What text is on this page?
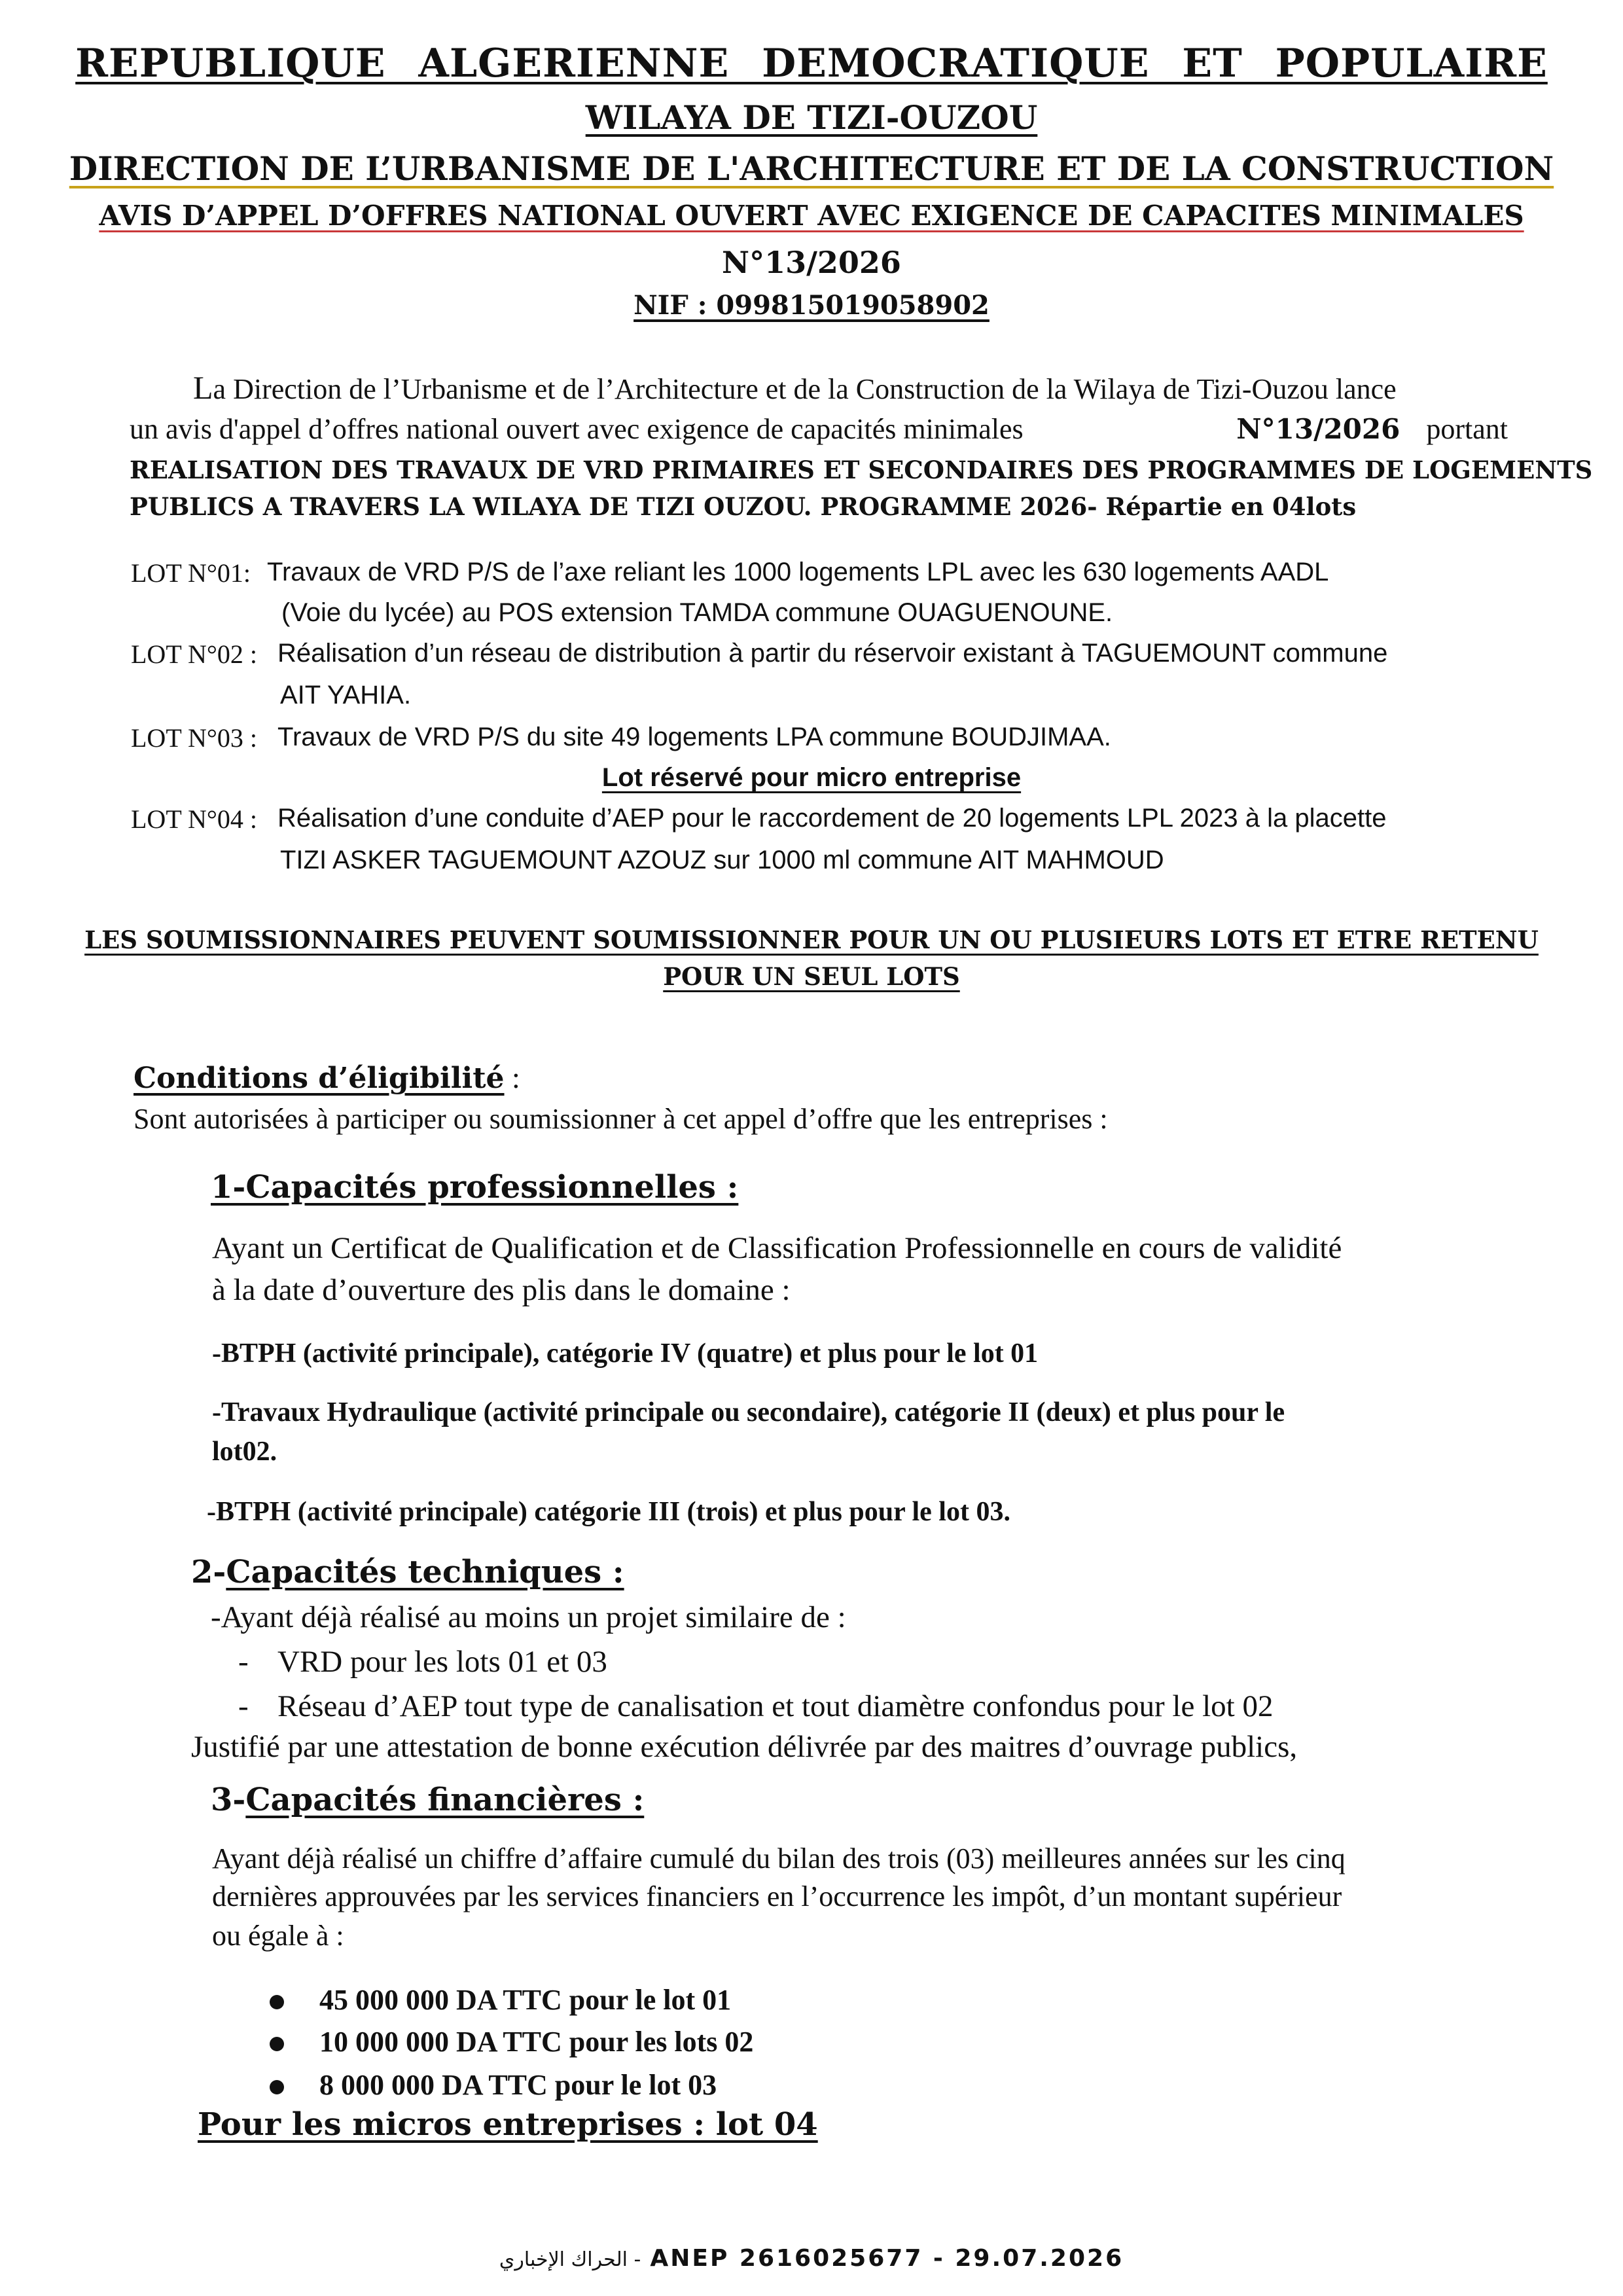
REPUBLIQUE ALGERIENNE DEMOCRATIQUE ET POPULAIRE
WILAYA DE TIZI-OUZOU
DIRECTION DE L’URBANISME DE L'ARCHITECTURE ET DE LA CONSTRUCTION
AVIS D’APPEL D’OFFRES NATIONAL OUVERT AVEC EXIGENCE DE CAPACITES MINIMALES
N°13/2026
NIF : 099815019058902
La Direction de l’Urbanisme et de l’Architecture et de la Construction de la Wilaya de Tizi-Ouzou lance
un avis d'appel d’offres national ouvert avec exigence de capacités minimales	N°13/2026 portant
REALISATION DES TRAVAUX DE VRD PRIMAIRES ET SECONDAIRES DES PROGRAMMES DE LOGEMENTS
PUBLICS A TRAVERS LA WILAYA DE TIZI OUZOU. PROGRAMME 2026- Répartie en 04lots
LOT N°01: Travaux de VRD P/S de l’axe reliant les 1000 logements LPL avec les 630 logements AADL
(Voie du lycée) au POS extension TAMDA commune OUAGUENOUNE.
LOT N°02 : Réalisation d’un réseau de distribution à partir du réservoir existant à TAGUEMOUNT commune
AIT YAHIA.
LOT N°03 : Travaux de VRD P/S du site 49 logements LPA commune BOUDJIMAA.
Lot réservé pour micro entreprise
LOT N°04 : Réalisation d’une conduite d’AEP pour le raccordement de 20 logements LPL 2023 à la placette
TIZI ASKER TAGUEMOUNT AZOUZ sur 1000 ml commune AIT MAHMOUD
LES SOUMISSIONNAIRES PEUVENT SOUMISSIONNER POUR UN OU PLUSIEURS LOTS ET ETRE RETENU
POUR UN SEUL LOTS
Conditions d’éligibilité :
Sont autorisées à participer ou soumissionner à cet appel d’offre que les entreprises :
1-Capacités professionnelles :
Ayant un Certificat de Qualification et de Classification Professionnelle en cours de validité
à la date d’ouverture des plis dans le domaine :
-BTPH (activité principale), catégorie IV (quatre) et plus pour le lot 01
-Travaux Hydraulique (activité principale ou secondaire), catégorie II (deux) et plus pour le
lot02.
-BTPH (activité principale) catégorie III (trois) et plus pour le lot 03.
2-Capacités techniques :
-Ayant déjà réalisé au moins un projet similaire de :
- VRD pour les lots 01 et 03
- Réseau d’AEP tout type de canalisation et tout diamètre confondus pour le lot 02
Justifié par une attestation de bonne exécution délivrée par des maitres d’ouvrage publics,
3-Capacités financières :
Ayant déjà réalisé un chiffre d’affaire cumulé du bilan des trois (03) meilleures années sur les cinq
dernières approuvées par les services financiers en l’occurrence les impôt, d’un montant supérieur
ou égale à :
45 000 000 DA TTC pour le lot 01
10 000 000 DA TTC pour les lots 02
8 000 000 DA TTC pour le lot 03
Pour les micros entreprises : lot 04
الحراك الإخباري - ANEP 2616025677 - 29.07.2026
